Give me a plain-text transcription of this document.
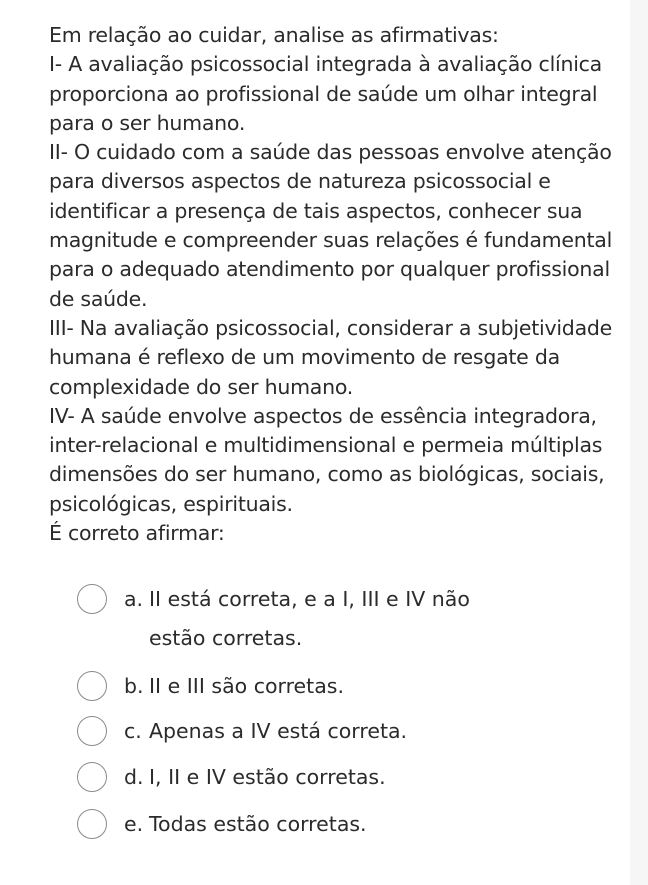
Em relação ao cuidar, analise as afirmativas:

I- A avaliação psicossocial integrada à avaliação clínica proporciona ao profissional de saúde um olhar integral para o ser humano.

II- O cuidado com a saúde das pessoas envolve atenção para diversos aspectos de natureza psicossocial e identificar a presença de tais aspectos, conhecer sua magnitude e compreender suas relações é fundamental para o adequado atendimento por qualquer profissional de saúde.

III- Na avaliação psicossocial, considerar a subjetividade humana é reflexo de um movimento de resgate da complexidade do ser humano.

IV- A saúde envolve aspectos de essência integradora, inter-relacional e multidimensional e permeia múltiplas dimensões do ser humano, como as biológicas, sociais, psicológicas, espirituais.

É correto afirmar:

a. II está correta, e a I, III e IV não estão corretas.
b. II e III são corretas.
c. Apenas a IV está correta.
d. I, II e IV estão corretas.
e. Todas estão corretas.
